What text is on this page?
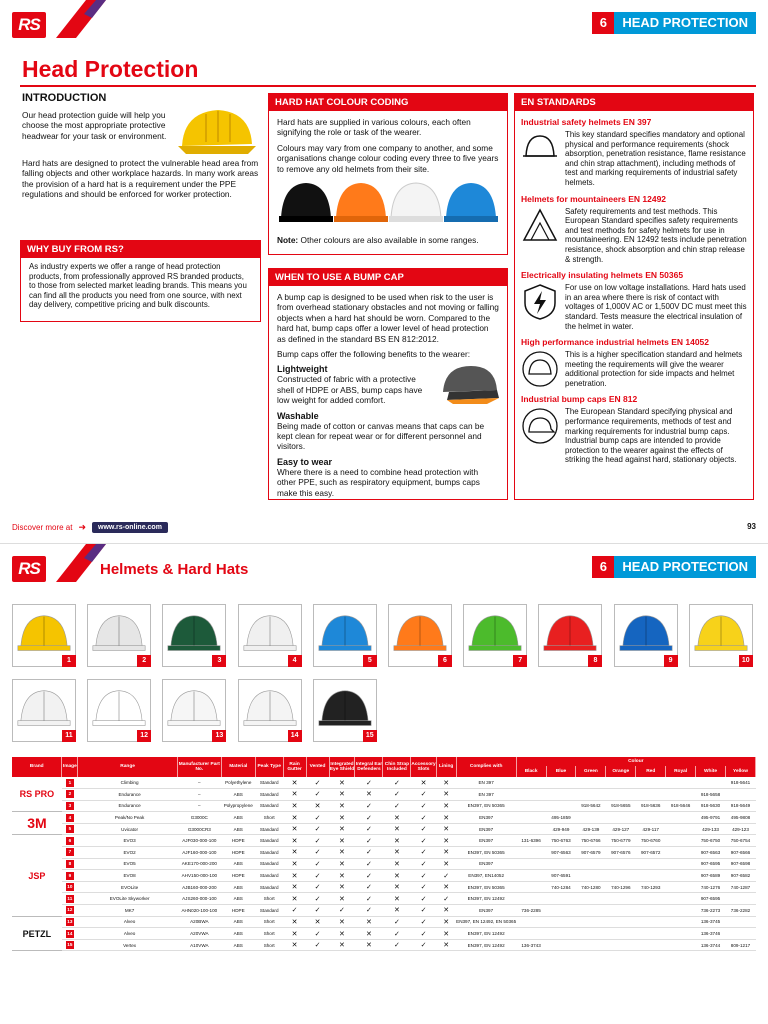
RS	6	HEAD PROTECTION
Head Protection
INTRODUCTION
Our head protection guide will help you choose the most appropriate protective headwear for your task or environment.
Hard hats are designed to protect the vulnerable head area from falling objects and other workplace hazards. In many work areas the provision of a hard hat is a requirement under the PPE regulations and should be enforced for worker protection.
WHY BUY FROM RS?
As industry experts we offer a range of head protection products, from professionally approved RS branded products, to those from selected market leading brands. This means you can find all the products you need from one source, with next day delivery, competitive pricing and bulk discounts.
HARD HAT COLOUR CODING
Hard hats are supplied in various colours, each often signifying the role or task of the wearer.
Colours may vary from one company to another, and some organisations change colour coding every three to five years to remove any old helmets from their site.
Note: Other colours are also available in some ranges.
WHEN TO USE A BUMP CAP
A bump cap is designed to be used when risk to the user is from overhead stationary obstacles and not moving or falling objects when a hard hat should be worn. Compared to the hard hat, bump caps offer a lower level of head protection as defined in the standard BS EN 812:2012.
Bump caps offer the following benefits to the wearer:
Lightweight
Constructed of fabric with a protective shell of HDPE or ABS, bump caps have low weight for added comfort.
Washable
Being made of cotton or canvas means that caps can be kept clean for repeat wear or for different personnel and visitors.
Easy to wear
Where there is a need to combine head protection with other PPE, such as respiratory equipment, bumps caps make this easy.
EN STANDARDS
Industrial safety helmets EN 397
This key standard specifies mandatory and optional physical and performance requirements (shock absorption, penetration resistance, flame resistance and chin strap attachment), including methods of test and marking requirements of industrial safety helmets.
Helmets for mountaineers EN 12492
Safety requirements and test methods. This European Standard specifies safety requirements and test methods for safety helmets for use in mountaineering. EN 12492 tests include penetration resistance, shock absorption and chin strap release & strength.
Electrically insulating helmets EN 50365
For use on low voltage installations. Hard hats used in an area where there is risk of contact with voltages of 1,000V AC or 1,500V DC must meet this standard. Tests measure the electrical insulation of the helmet in water.
High performance industrial helmets EN 14052
This is a higher specification standard and helmets meeting the requirements will give the wearer additional protection for side impacts and helmet penetration.
Industrial bump caps EN 812
The European Standard specifying physical and performance requirements, methods of test and marking requirements for industrial bump caps. Industrial bump caps are intended to provide protection to the wearer against the effects of striking the head against hard, stationary objects.
Discover more at ➜	www.rs-online.com	93
RS	Helmets & Hard Hats	6	HEAD PROTECTION
1	2	3	4	5	6	7	8	9	10
11	12	13	14	15
Brand	Image	Range	Manufacturer Part No.	Material	Peak Type	Rain Gutter	Vented	Integrated Eye Shield	Integral Ear Defenders	Chin Strap Included	Accessory Slots	Lining	Complies with	Colour							
														Black	Blue	Green	Orange	Red	Royal	White	Yellow
RS PRO	1	Climbing	–	Polyethylene	Standard	✕	✓	✕	✓	✓	✕	✕	EN 397								918-5641
	2	Endurance	–	ABS	Standard	✕	✓	✕	✕	✓	✓	✕	EN 397							918-5658	
	3	Endurance	–	Polypropylene	Standard	✕	✕	✕	✓	✓	✓	✕	EN397, EN 50365			918-5642	918-5655	918-5636	918-5646	918-5630	918-5649
3M	4	Peak/No Peak	G3000C	ABS	Short	✕	✓	✕	✓	✕	✓	✕	EN397		495-1859					495-9791	495-9808
	5	Uvicator	G3000CR3	ABS	Standard	✕	✓	✕	✓	✕	✓	✕	EN397		429-949	429-139	429-127	429-117		429-133	429-123
JSP	6	EVO3	AJF030-000-100	HDPE	Standard	✕	✓	✕	✓	✕	✓	✕	EN397	131-6396	750-6763	750-6766	750-6779	750-6760		750-6750	750-6754
	7	EVO2	AJF160-000-100	HDPE	Standard	✕	✓	✕	✓	✕	✓	✕	EN397, EN 50365		907-6563	907-6579	907-6576	907-6572		907-6563	907-6566
	8	EVO5	AKE170-000-200	ABS	Standard	✕	✓	✕	✓	✕	✓	✕	EN397							907-6595	907-6598
	9	EVO8	AHV150-000-100	HDPE	Standard	✕	✓	✕	✓	✕	✓	✓	EN397, EN14052		907-6591					907-6589	907-6582
	10	EVOLite	AJB160-000-200	ABS	Standard	✕	✓	✕	✓	✕	✓	✕	EN397, EN 50365		740-1284	740-1280	740-1296	740-1293		740-1276	740-1287
	11	EVOLite Skyworker	AJS260-000-100	ABS	Short	✕	✓	✕	✓	✕	✓	✓	EN397, EN 12492							907-6595	
	12	MK7	AHN020-100-100	HDPE	Standard	✓	✓	✓	✓	✕	✓	✕	EN397	736-2285						736-2273	736-2282
PETZL	13	Alveo	A20BWA	ABS	Short	✕	✕	✕	✕	✓	✓	✕	EN397, EN 12492, EN 50365							136-3745	
	14	Alveo	A20VWA	ABS	Short	✕	✓	✕	✕	✓	✓	✕	EN397, EN 12492							136-3746	
	15	Vertex	A10VWA	ABS	Short	✕	✓	✕	✕	✓	✓	✕	EN397, EN 12492	136-3743						136-3744	809-1217
